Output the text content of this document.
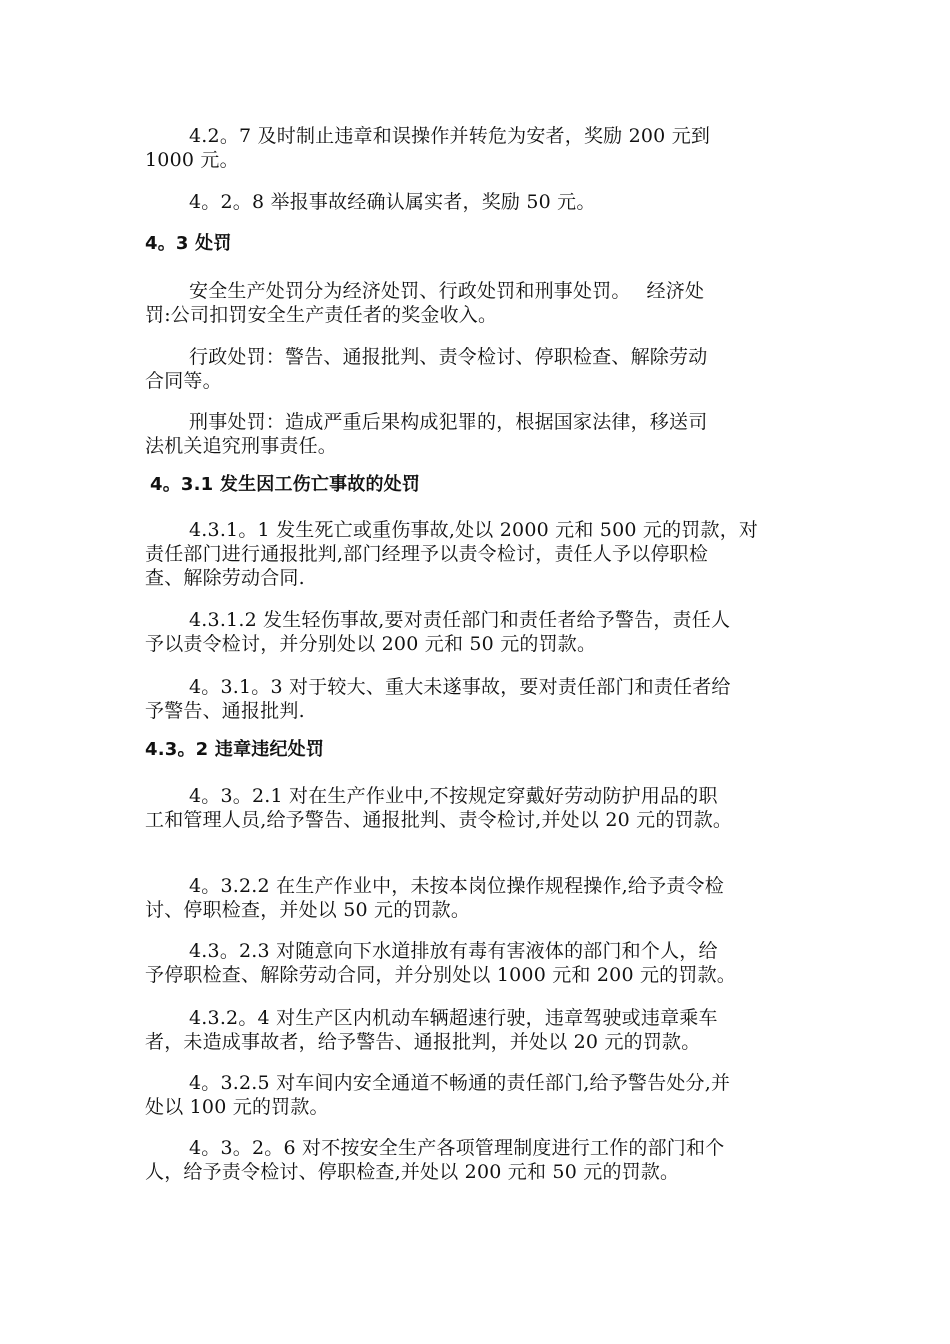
4.2。7 及时制止违章和误操作并转危为安者，奖励 200 元到
1000 元。

4。2。8 举报事故经确认属实者，奖励 50 元。

4。3 处罚

安全生产处罚分为经济处罚、行政处罚和刑事处罚。　 经济处
罚:公司扣罚安全生产责任者的奖金收入。

行政处罚：警告、通报批判、责令检讨、停职检查、解除劳动
合同等。

刑事处罚：造成严重后果构成犯罪的，根据国家法律，移送司
法机关追究刑事责任。

4。3.1 发生因工伤亡事故的处罚

4.3.1。1 发生死亡或重伤事故,处以 2000 元和 500 元的罚款，对
责任部门进行通报批判,部门经理予以责令检讨，责任人予以停职检
查、解除劳动合同.

4.3.1.2 发生轻伤事故,要对责任部门和责任者给予警告，责任人
予以责令检讨，并分别处以 200 元和 50 元的罚款。

4。3.1。3 对于较大、重大未遂事故，要对责任部门和责任者给
予警告、通报批判.

4.3。2 违章违纪处罚

4。3。2.1 对在生产作业中,不按规定穿戴好劳动防护用品的职
工和管理人员,给予警告、通报批判、责令检讨,并处以 20 元的罚款。

4。3.2.2 在生产作业中，未按本岗位操作规程操作,给予责令检
讨、停职检查，并处以 50 元的罚款。

4.3。2.3 对随意向下水道排放有毒有害液体的部门和个人，给
予停职检查、解除劳动合同，并分别处以 1000 元和 200 元的罚款。

4.3.2。4 对生产区内机动车辆超速行驶，违章驾驶或违章乘车
者，未造成事故者，给予警告、通报批判，并处以 20 元的罚款。

4。3.2.5 对车间内安全通道不畅通的责任部门,给予警告处分,并
处以 100 元的罚款。

4。3。2。6 对不按安全生产各项管理制度进行工作的部门和个
人，给予责令检讨、停职检查,并处以 200 元和 50 元的罚款。
